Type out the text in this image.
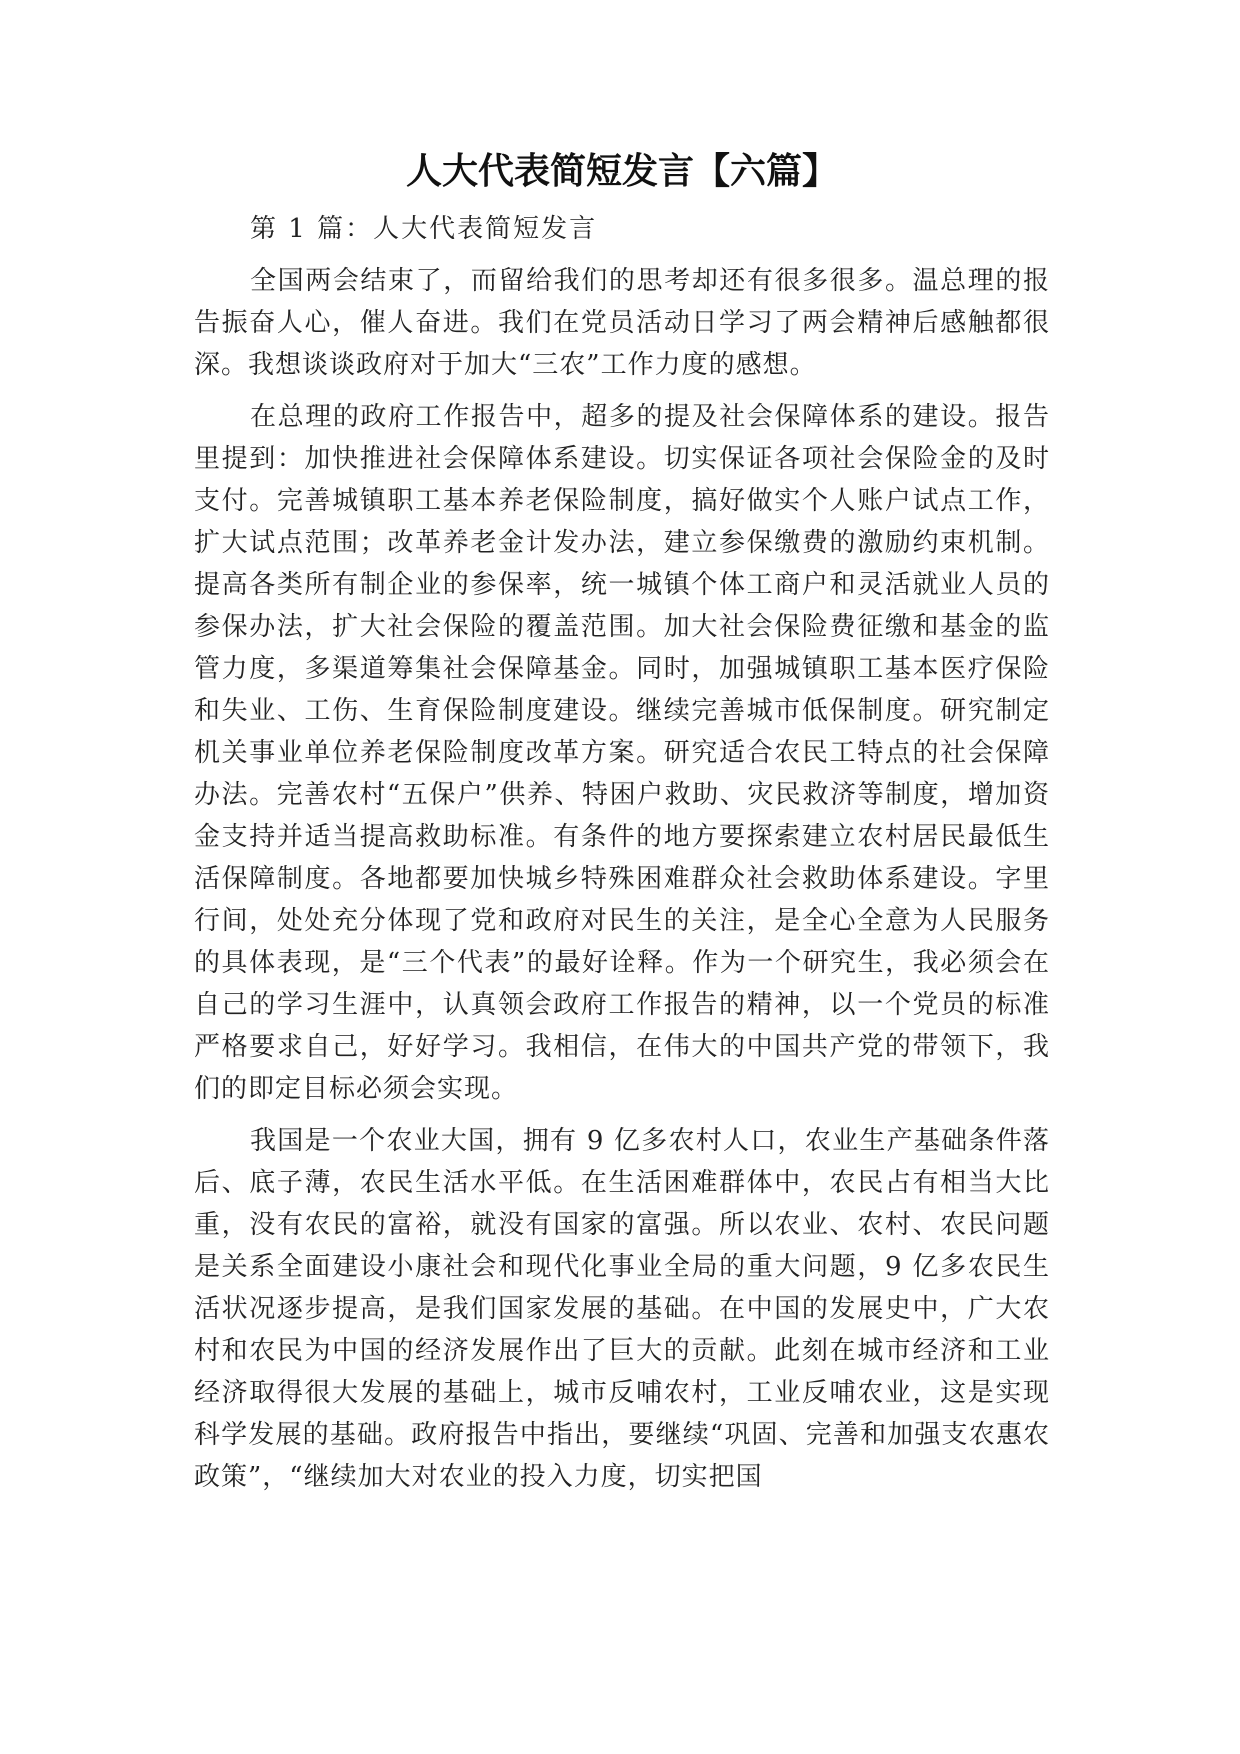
人大代表简短发言【六篇】

第 1 篇：人大代表简短发言

全国两会结束了，而留给我们的思考却还有很多很多。温总理的报告振奋人心，催人奋进。我们在党员活动日学习了两会精神后感触都很深。我想谈谈政府对于加大“三农”工作力度的感想。

在总理的政府工作报告中，超多的提及社会保障体系的建设。报告里提到：加快推进社会保障体系建设。切实保证各项社会保险金的及时支付。完善城镇职工基本养老保险制度，搞好做实个人账户试点工作，扩大试点范围；改革养老金计发办法，建立参保缴费的激励约束机制。提高各类所有制企业的参保率，统一城镇个体工商户和灵活就业人员的参保办法，扩大社会保险的覆盖范围。加大社会保险费征缴和基金的监管力度，多渠道筹集社会保障基金。同时，加强城镇职工基本医疗保险和失业、工伤、生育保险制度建设。继续完善城市低保制度。研究制定机关事业单位养老保险制度改革方案。研究适合农民工特点的社会保障办法。完善农村“五保户”供养、特困户救助、灾民救济等制度，增加资金支持并适当提高救助标准。有条件的地方要探索建立农村居民最低生活保障制度。各地都要加快城乡特殊困难群众社会救助体系建设。字里行间，处处充分体现了党和政府对民生的关注，是全心全意为人民服务的具体表现，是“三个代表”的最好诠释。作为一个研究生，我必须会在自己的学习生涯中，认真领会政府工作报告的精神，以一个党员的标准严格要求自己，好好学习。我相信，在伟大的中国共产党的带领下，我们的即定目标必须会实现。

我国是一个农业大国，拥有 9 亿多农村人口，农业生产基础条件落后、底子薄，农民生活水平低。在生活困难群体中，农民占有相当大比重，没有农民的富裕，就没有国家的富强。所以农业、农村、农民问题是关系全面建设小康社会和现代化事业全局的重大问题，9 亿多农民生活状况逐步提高，是我们国家发展的基础。在中国的发展史中，广大农村和农民为中国的经济发展作出了巨大的贡献。此刻在城市经济和工业经济取得很大发展的基础上，城市反哺农村，工业反哺农业，这是实现科学发展的基础。政府报告中指出，要继续“巩固、完善和加强支农惠农政策”，“继续加大对农业的投入力度，切实把国
